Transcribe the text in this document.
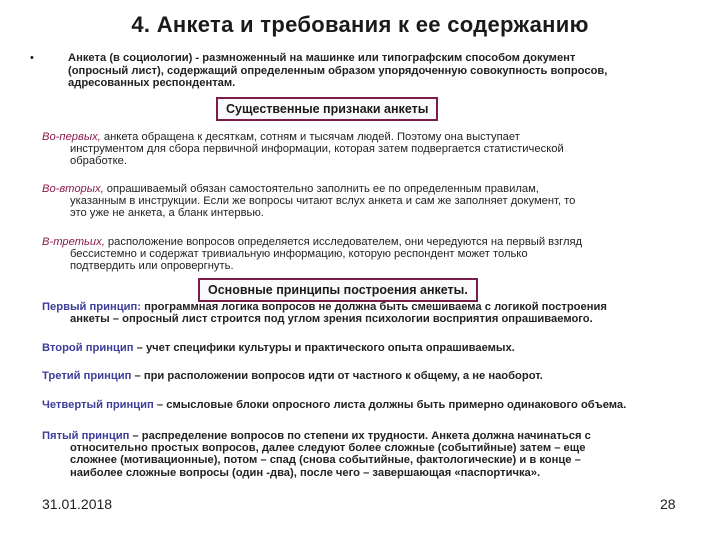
4. Анкета и требования к ее содержанию
•	Анкета (в социологии) - размноженный на машинке или типографским способом документ
(опросный лист), содержащий определенным образом упорядоченную совокупность вопросов,
адресованных респондентам.
Существенные признаки анкеты
Во-первых, анкета обращена к десяткам, сотням и тысячам людей. Поэтому она выступает
инструментом для сбора первичной информации, которая затем подвергается статистической
обработке.
Во-вторых, опрашиваемый обязан самостоятельно заполнить ее по определенным правилам,
указанным в инструкции. Если же вопросы читают вслух анкета и сам же заполняет документ, то
это уже не анкета, а бланк интервью.
В-третьих, расположение вопросов определяется исследователем, они чередуются на первый взгляд
бессистемно и содержат тривиальную информацию, которую респондент может только
подтвердить или опровергнуть.
Основные принципы построения анкеты.
Первый принцип: программная логика вопросов не должна быть смешиваема с логикой построения
анкеты – опросный лист строится под углом зрения психологии восприятия опрашиваемого.
Второй принцип – учет специфики культуры и практического опыта опрашиваемых.
Третий принцип – при расположении вопросов идти от частного к общему, а не наоборот.
Четвертый принцип – смысловые блоки опросного листа должны быть примерно одинакового объема.
Пятый принцип – распределение вопросов по степени их трудности. Анкета должна начинаться с
относительно простых вопросов, далее следуют более сложные (событийные) затем – еще
сложнее (мотивационные), потом – спад (снова событийные, фактологические) и в конце –
наиболее сложные вопросы (один -два), после чего – завершающая «паспортичка».
31.01.2018	28
